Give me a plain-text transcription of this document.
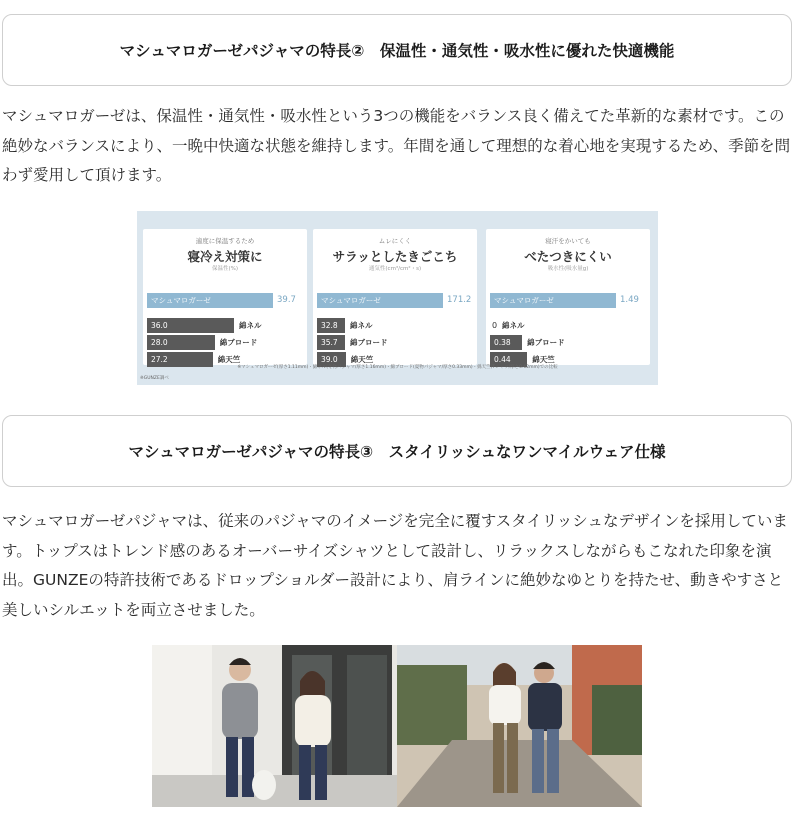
マシュマロガーゼパジャマの特長②　保温性・通気性・吸水性に優れた快適機能

マシュマロガーゼは、保温性・通気性・吸水性という3つの機能をバランス良く備えてた革新的な素材です。この絶妙なバランスにより、一晩中快適な状態を維持します。年間を通して理想的な着心地を実現するため、季節を問わず愛用して頂けます。

適度に保温するため
寝冷え対策に
保温性(%)
マシュマロガーゼ	39.7
36.0	綿ネル
28.0	綿ブロード
27.2	綿天竺
ムレにくく
サラッとしたきごこち
通気性(cm³/cm²・s)
マシュマロガーゼ	171.2
32.8	綿ネル
35.7	綿ブロード
39.0	綿天竺
寝汗をかいても
べたつきにくい
吸水性(吸水量g)
マシュマロガーゼ	1.49
0 綿ネル
0.38	綿ブロード
0.44	綿天竺
※マシュマロガーゼ(厚さ1.11mm)・綿ネル(冬物パジャマ/厚さ1.16mm)・綿ブロード(夏物パジャマ/厚さ0.33mm)・綿天竺(Tシャツ/厚さ0.62mm)での比較
※GUNZE調べ
マシュマロガーゼパジャマの特長③　スタイリッシュなワンマイルウェア仕様

マシュマロガーゼパジャマは、従来のパジャマのイメージを完全に覆すスタイリッシュなデザインを採用しています。トップスはトレンド感のあるオーバーサイズシャツとして設計し、リラックスしながらもこなれた印象を演出。GUNZEの特許技術であるドロップショルダー設計により、肩ラインに絶妙なゆとりを持たせ、動きやすさと美しいシルエットを両立させました。
